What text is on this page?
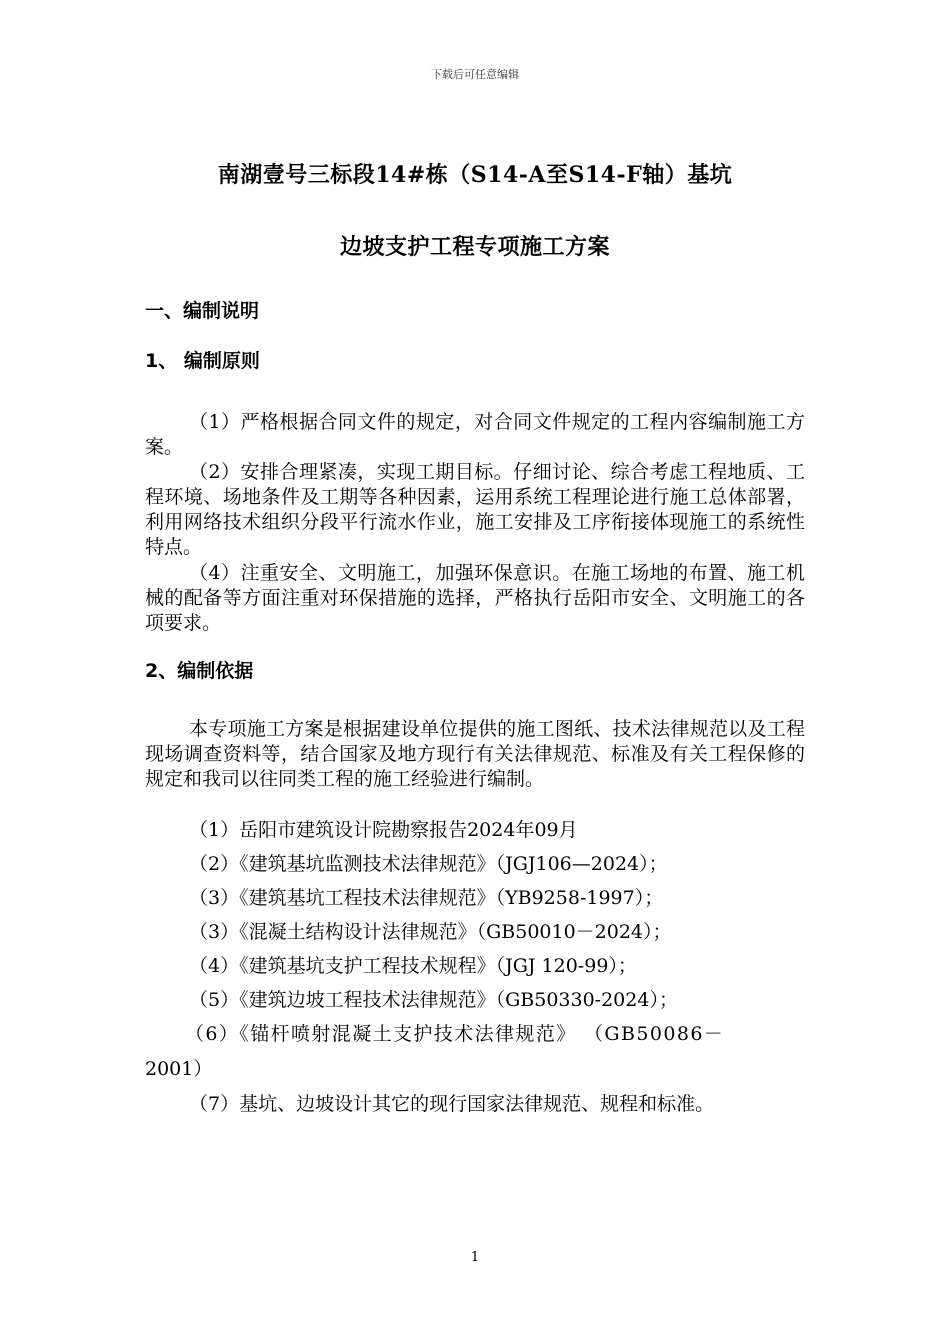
下载后可任意编辑
南湖壹号三标段14#栋（S14-A至S14-F轴）基坑
边坡支护工程专项施工方案
一、编制说明
1、 编制原则
（1）严格根据合同文件的规定，对合同文件规定的工程内容编制施工方案。
（2）安排合理紧凑，实现工期目标。仔细讨论、综合考虑工程地质、工程环境、场地条件及工期等各种因素，运用系统工程理论进行施工总体部署，利用网络技术组织分段平行流水作业，施工安排及工序衔接体现施工的系统性特点。
（4）注重安全、文明施工，加强环保意识。在施工场地的布置、施工机械的配备等方面注重对环保措施的选择，严格执行岳阳市安全、文明施工的各项要求。
2、编制依据
本专项施工方案是根据建设单位提供的施工图纸、技术法律规范以及工程现场调查资料等，结合国家及地方现行有关法律规范、标准及有关工程保修的规定和我司以往同类工程的施工经验进行编制。
（1）岳阳市建筑设计院勘察报告2024年09月
（2）《建筑基坑监测技术法律规范》（JGJ106—2024）；
（3）《建筑基坑工程技术法律规范》（YB9258-1997）；
（3）《混凝土结构设计法律规范》（GB50010－2024）；
（4）《建筑基坑支护工程技术规程》（JGJ 120-99）；
（5）《建筑边坡工程技术法律规范》（GB50330-2024）；
（6）《锚杆喷射混凝土支护技术法律规范》 （GB50086－
2001）
（7）基坑、边坡设计其它的现行国家法律规范、规程和标准。
1
